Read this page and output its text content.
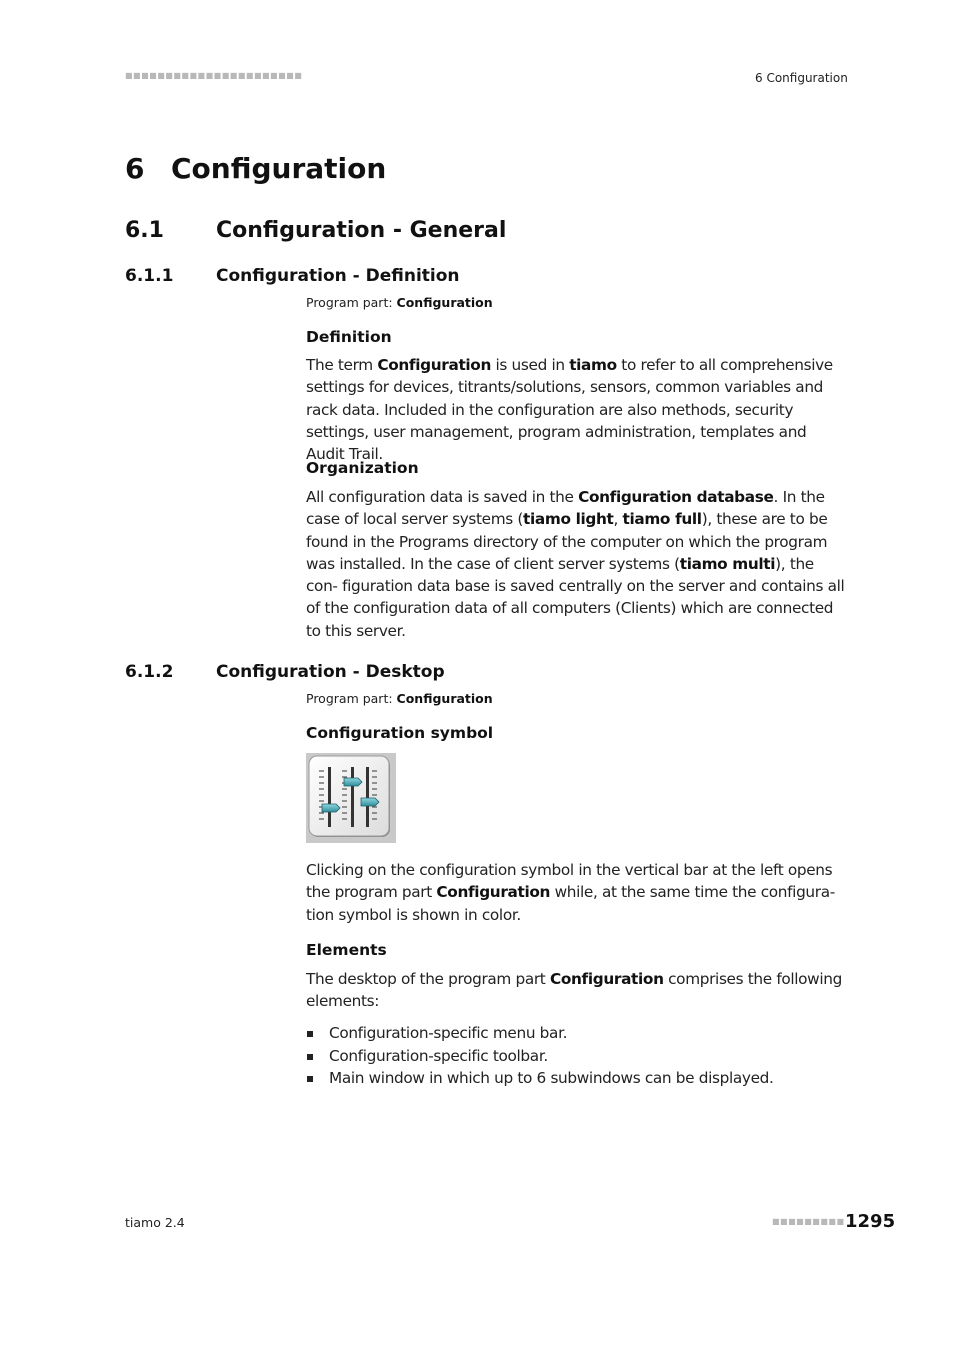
■■■■■■■■■■■■■■■■■■■■■■	6 Configuration
6 Configuration
6.1 Configuration - General
6.1.1	Configuration - Definition
Program part: Configuration
Definition

The term Configuration is used in tiamo to refer to all comprehensive settings for devices, titrants/solutions, sensors, common variables and rack data. Included in the configuration are also methods, security settings, user management, program administration, templates and Audit Trail.

Organization

All configuration data is saved in the Configuration database. In the case of local server systems (tiamo light, tiamo full), these are to be found in the Programs directory of the computer on which the program was installed. In the case of client server systems (tiamo multi), the con- figuration data base is saved centrally on the server and contains all of the configuration data of all computers (Clients) which are connected to this server.

6.1.2	Configuration - Desktop
Program part: Configuration
Configuration symbol

Clicking on the configuration symbol in the vertical bar at the left opens the program part Configuration while, at the same time the configura- tion symbol is shown in color.

Elements

The desktop of the program part Configuration comprises the following elements:

Configuration-specific menu bar.
Configuration-specific toolbar.
Main window in which up to 6 subwindows can be displayed.
tiamo 2.4	■■■■■■■■■ 1295
